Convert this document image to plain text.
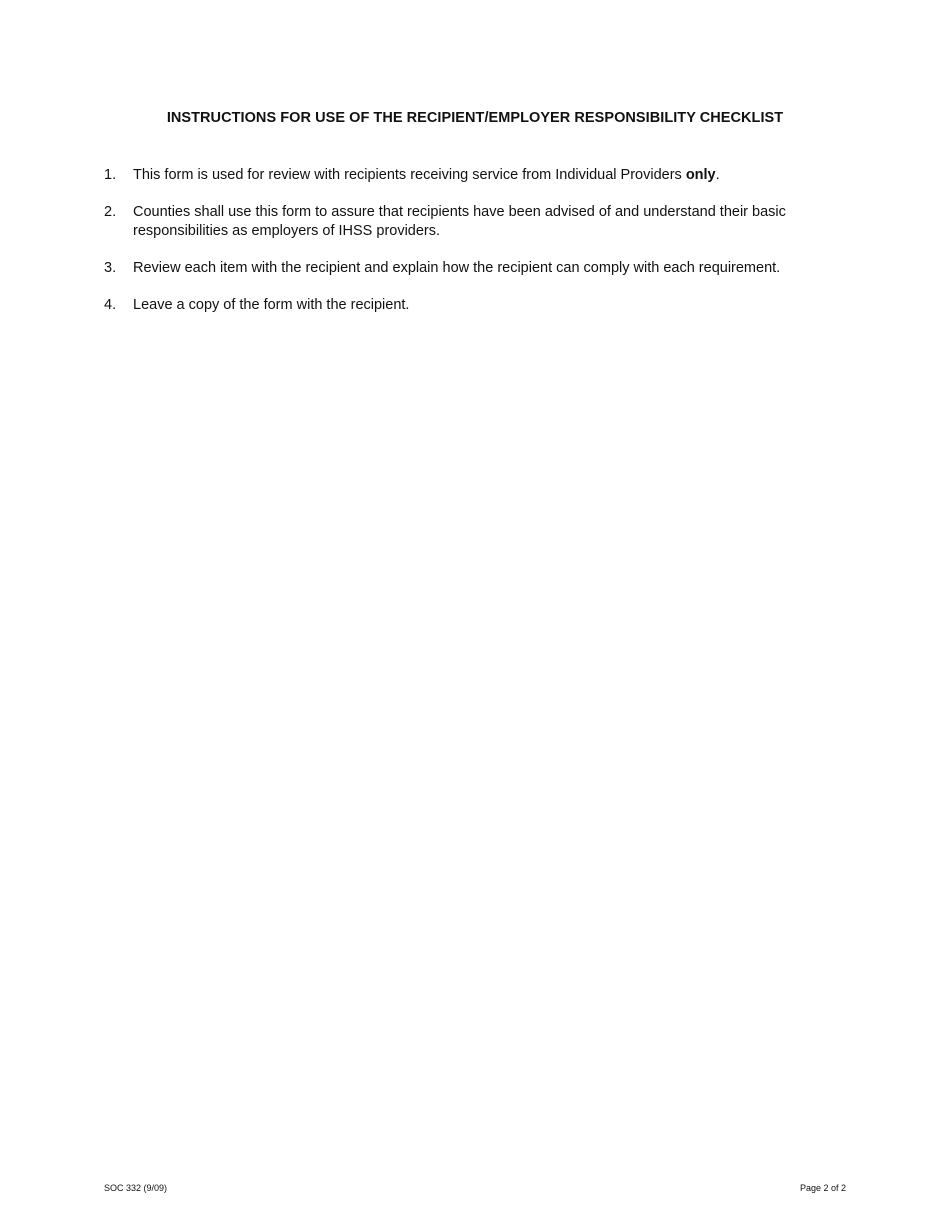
INSTRUCTIONS FOR USE OF THE RECIPIENT/EMPLOYER RESPONSIBILITY CHECKLIST
1. This form is used for review with recipients receiving service from Individual Providers only.
2. Counties shall use this form to assure that recipients have been advised of and understand their basic responsibilities as employers of IHSS providers.
3. Review each item with the recipient and explain how the recipient can comply with each requirement.
4. Leave a copy of the form with the recipient.
SOC 332 (9/09)	Page 2 of 2
